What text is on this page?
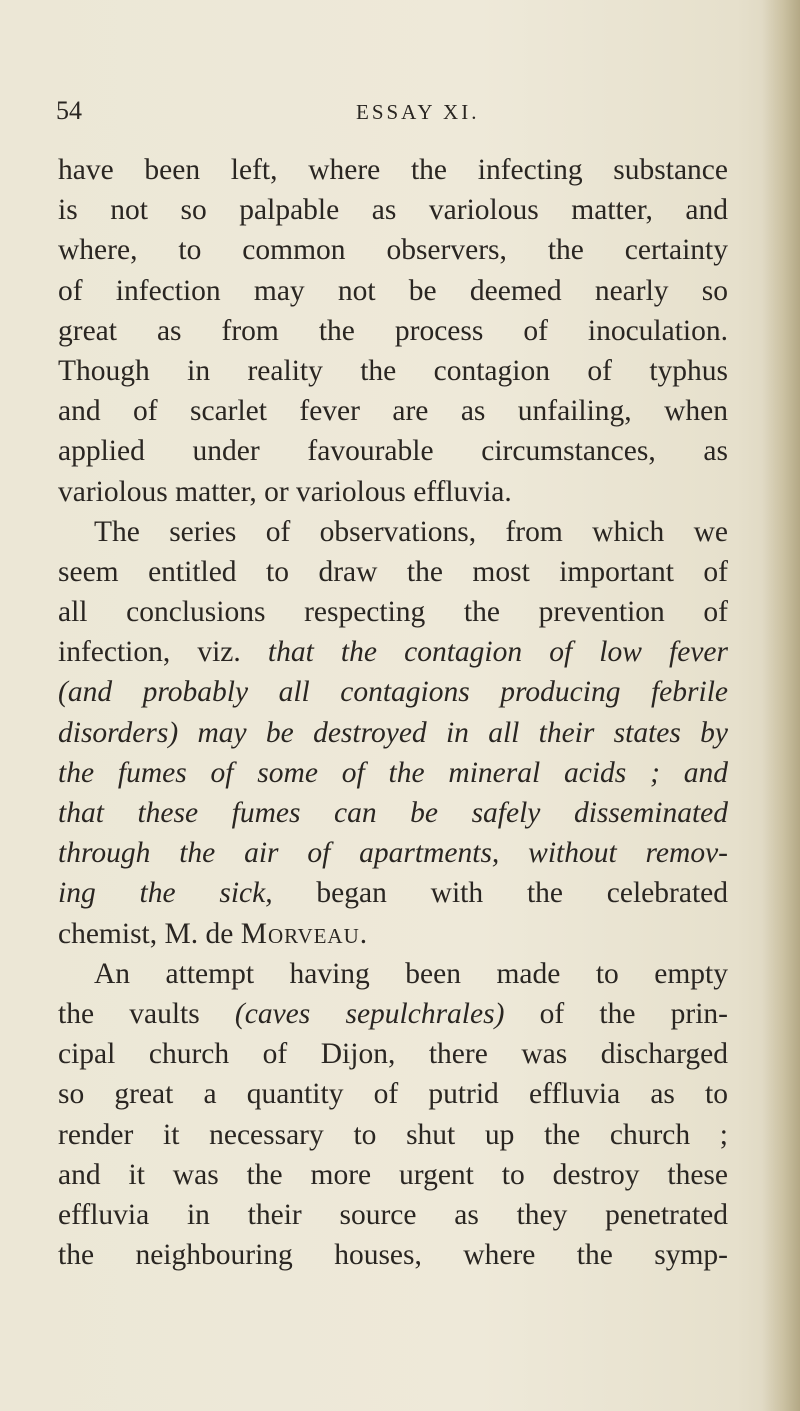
54	ESSAY XI.
have been left, where the infecting substance
is not so palpable as variolous matter, and
where, to common observers, the certainty
of infection may not be deemed nearly so
great as from the process of inoculation.
Though in reality the contagion of typhus
and of scarlet fever are as unfailing, when
applied under favourable circumstances, as
variolous matter, or variolous effluvia.
The series of observations, from which we
seem entitled to draw the most important of
all conclusions respecting the prevention of
infection, viz. that the contagion of low fever
(and probably all contagions producing febrile
disorders) may be destroyed in all their states by
the fumes of some of the mineral acids ; and
that these fumes can be safely disseminated
through the air of apartments, without remov-
ing the sick, began with the celebrated
chemist, M. de Morveau.
An attempt having been made to empty
the vaults (caves sepulchrales) of the prin-
cipal church of Dijon, there was discharged
so great a quantity of putrid effluvia as to
render it necessary to shut up the church ;
and it was the more urgent to destroy these
effluvia in their source as they penetrated
the neighbouring houses, where the symp-
